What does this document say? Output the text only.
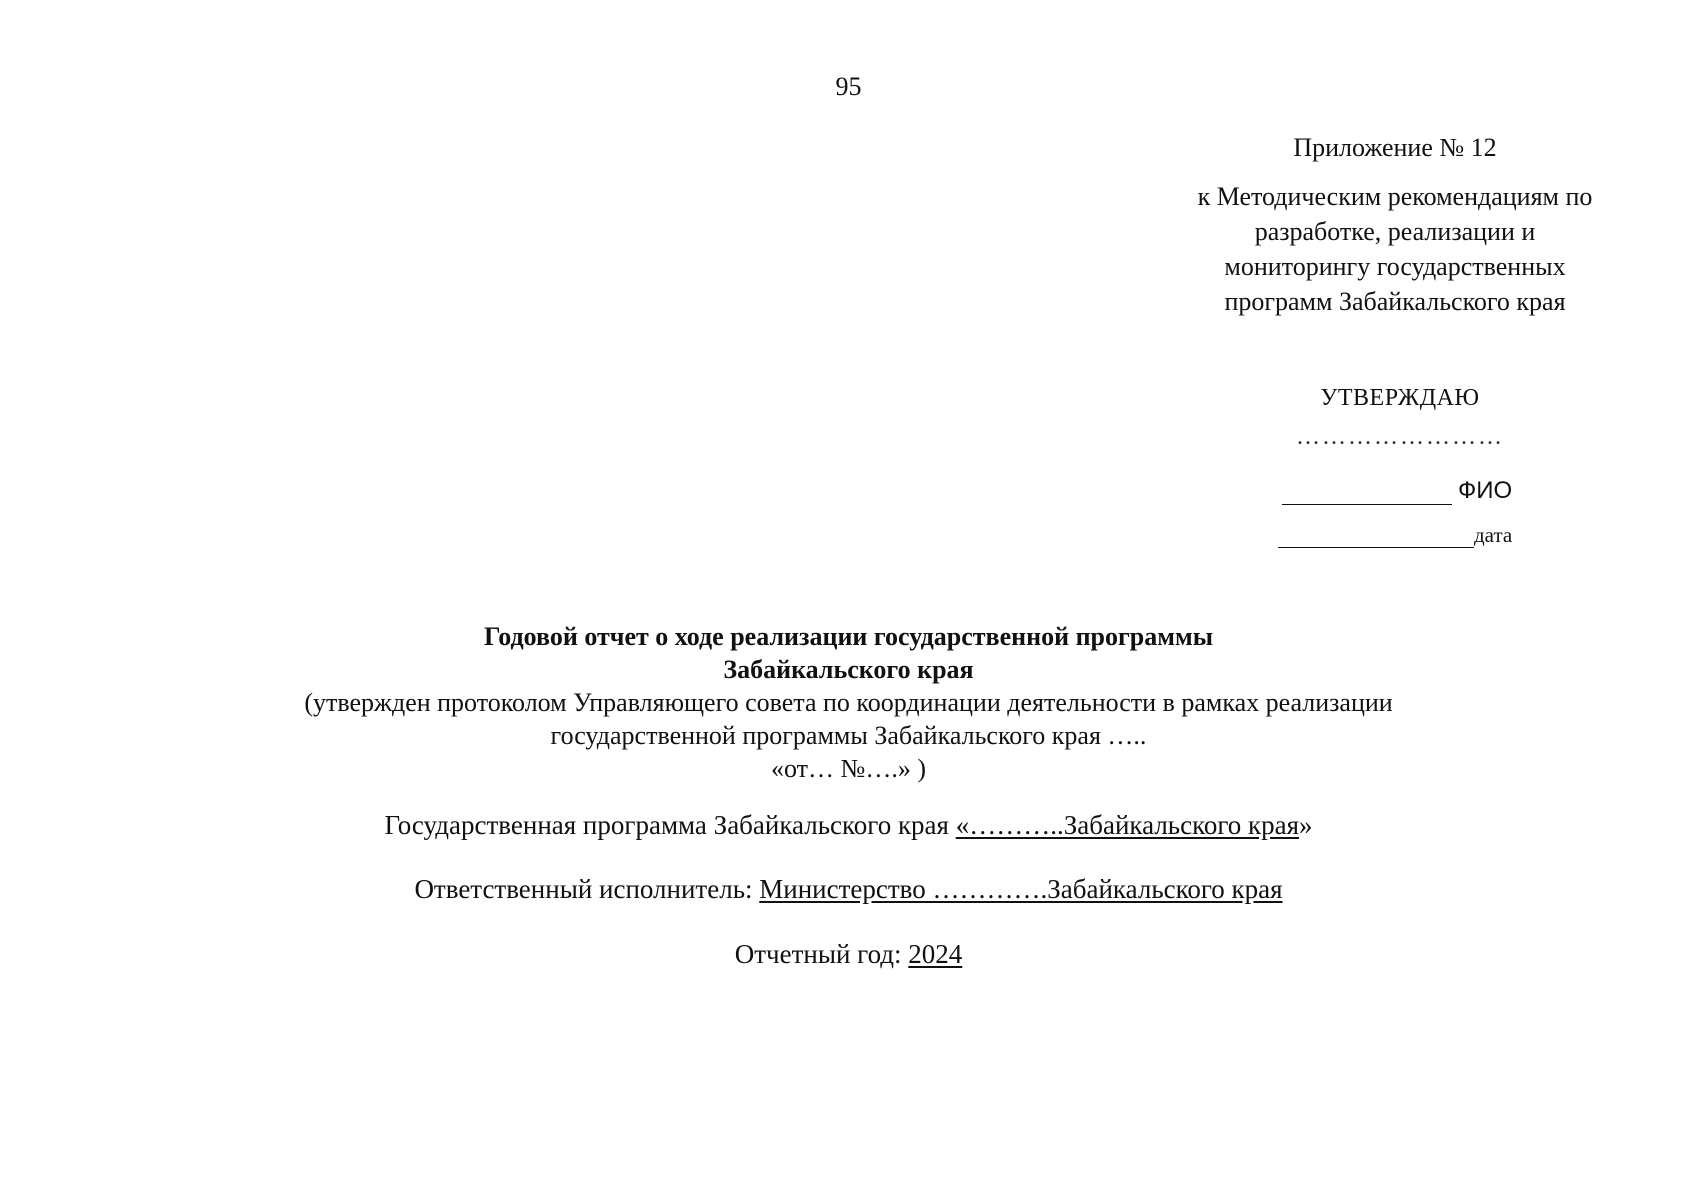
95
Приложение № 12
к Методическим рекомендациям по
разработке, реализации и
мониторингу государственных
программ Забайкальского края
УТВЕРЖДАЮ
……………………
ФИО
дата
Годовой отчет о ходе реализации государственной программы
Забайкальского края
(утвержден протоколом Управляющего совета по координации деятельности в рамках реализации
государственной программы Забайкальского края …..
«от… №….» )
Государственная программа Забайкальского края «………..Забайкальского края»
Ответственный исполнитель: Министерство ………….Забайкальского края
Отчетный год: 2024
